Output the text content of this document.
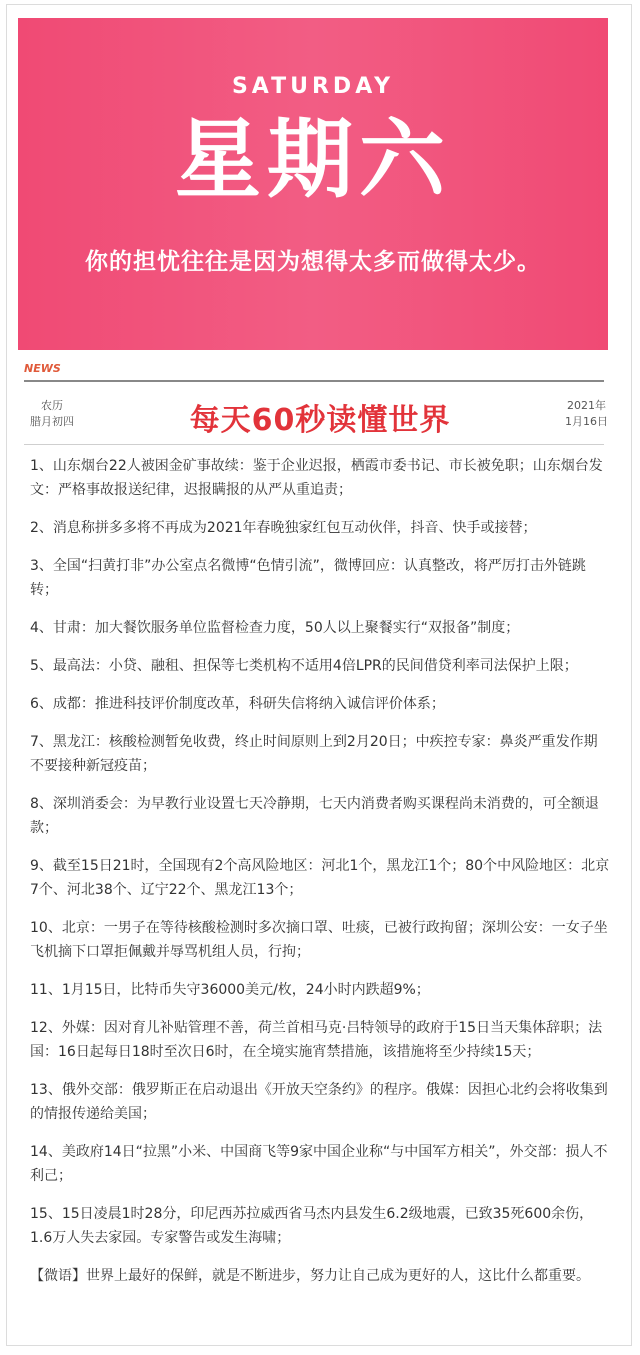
SATURDAY
星期六
你的担忧往往是因为想得太多而做得太少。
NEWS
农历
腊月初四	每天60秒读懂世界	2021年
1月16日

1、山东烟台22人被困金矿事故续：鉴于企业迟报，栖霞市委书记、市长被免职；山东烟台发文：严格事故报送纪律，迟报瞒报的从严从重追责；

2、消息称拼多多将不再成为2021年春晚独家红包互动伙伴，抖音、快手或接替；

3、全国“扫黄打非”办公室点名微博“色情引流”，微博回应：认真整改，将严厉打击外链跳转；

4、甘肃：加大餐饮服务单位监督检查力度，50人以上聚餐实行“双报备”制度；

5、最高法：小贷、融租、担保等七类机构不适用4倍LPR的民间借贷利率司法保护上限；

6、成都：推进科技评价制度改革，科研失信将纳入诚信评价体系；

7、黑龙江：核酸检测暂免收费，终止时间原则上到2月20日；中疾控专家：鼻炎严重发作期不要接种新冠疫苗；

8、深圳消委会：为早教行业设置七天冷静期，七天内消费者购买课程尚未消费的，可全额退款；

9、截至15日21时，全国现有2个高风险地区：河北1个，黑龙江1个；80个中风险地区：北京7个、河北38个、辽宁22个、黑龙江13个；

10、北京：一男子在等待核酸检测时多次摘口罩、吐痰，已被行政拘留；深圳公安：一女子坐飞机摘下口罩拒佩戴并辱骂机组人员，行拘；

11、1月15日，比特币失守36000美元/枚，24小时内跌超9%；

12、外媒：因对育儿补贴管理不善，荷兰首相马克·吕特领导的政府于15日当天集体辞职；法国：16日起每日18时至次日6时，在全境实施宵禁措施，该措施将至少持续15天；

13、俄外交部：俄罗斯正在启动退出《开放天空条约》的程序。俄媒：因担心北约会将收集到的情报传递给美国；

14、美政府14日“拉黑”小米、中国商飞等9家中国企业称“与中国军方相关”，外交部：损人不利己；

15、15日凌晨1时28分，印尼西苏拉威西省马杰内县发生6.2级地震，已致35死600余伤，1.6万人失去家园。专家警告或发生海啸；

【微语】世界上最好的保鲜，就是不断进步，努力让自己成为更好的人，这比什么都重要。
